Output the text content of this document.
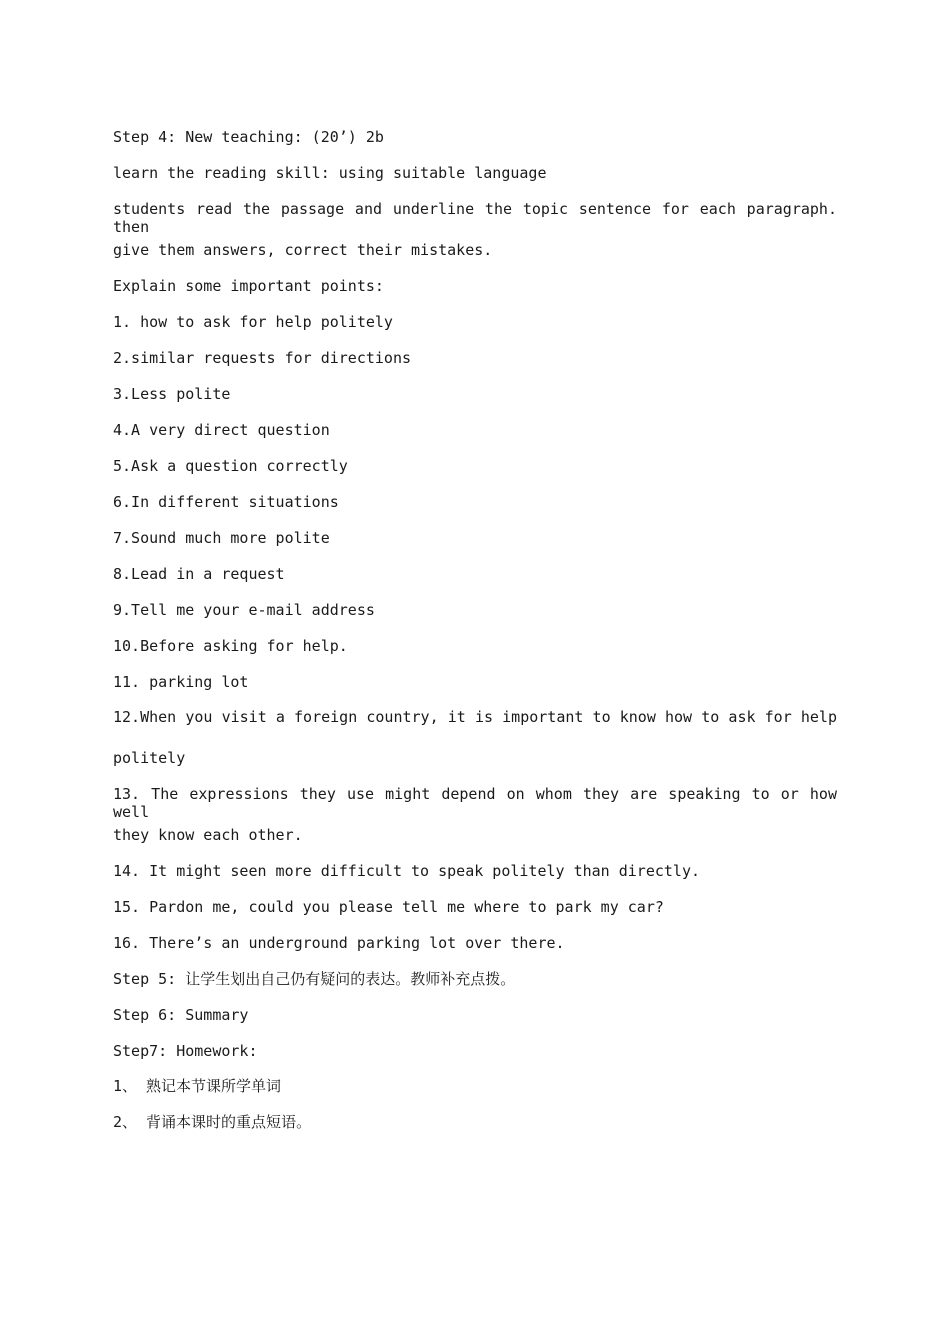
Step 4: New teaching: (20’) 2b
learn the reading skill: using suitable language
students read the passage and underline the topic sentence for each paragraph. then
give them answers, correct their mistakes.
Explain some important points:
1. how to ask for help politely
2.similar requests for directions
3.Less polite
4.A very direct question
5.Ask a question correctly
6.In different situations
7.Sound much more polite
8.Lead in a request
9.Tell me your e-mail address
10.Before asking for help.
11. parking lot
12.When you visit a foreign country, it is important to know how to ask for help
politely
13. The expressions they use might depend on whom they are speaking to or how well
they know each other.
14. It might seen more difficult to speak politely than directly.
15. Pardon me, could you please tell me where to park my car?
16. There’s an underground parking lot over there.
Step 5: 让学生划出自己仍有疑问的表达。教师补充点拨。
Step 6: Summary
Step7: Homework:
1、 熟记本节课所学单词
2、 背诵本课时的重点短语。
